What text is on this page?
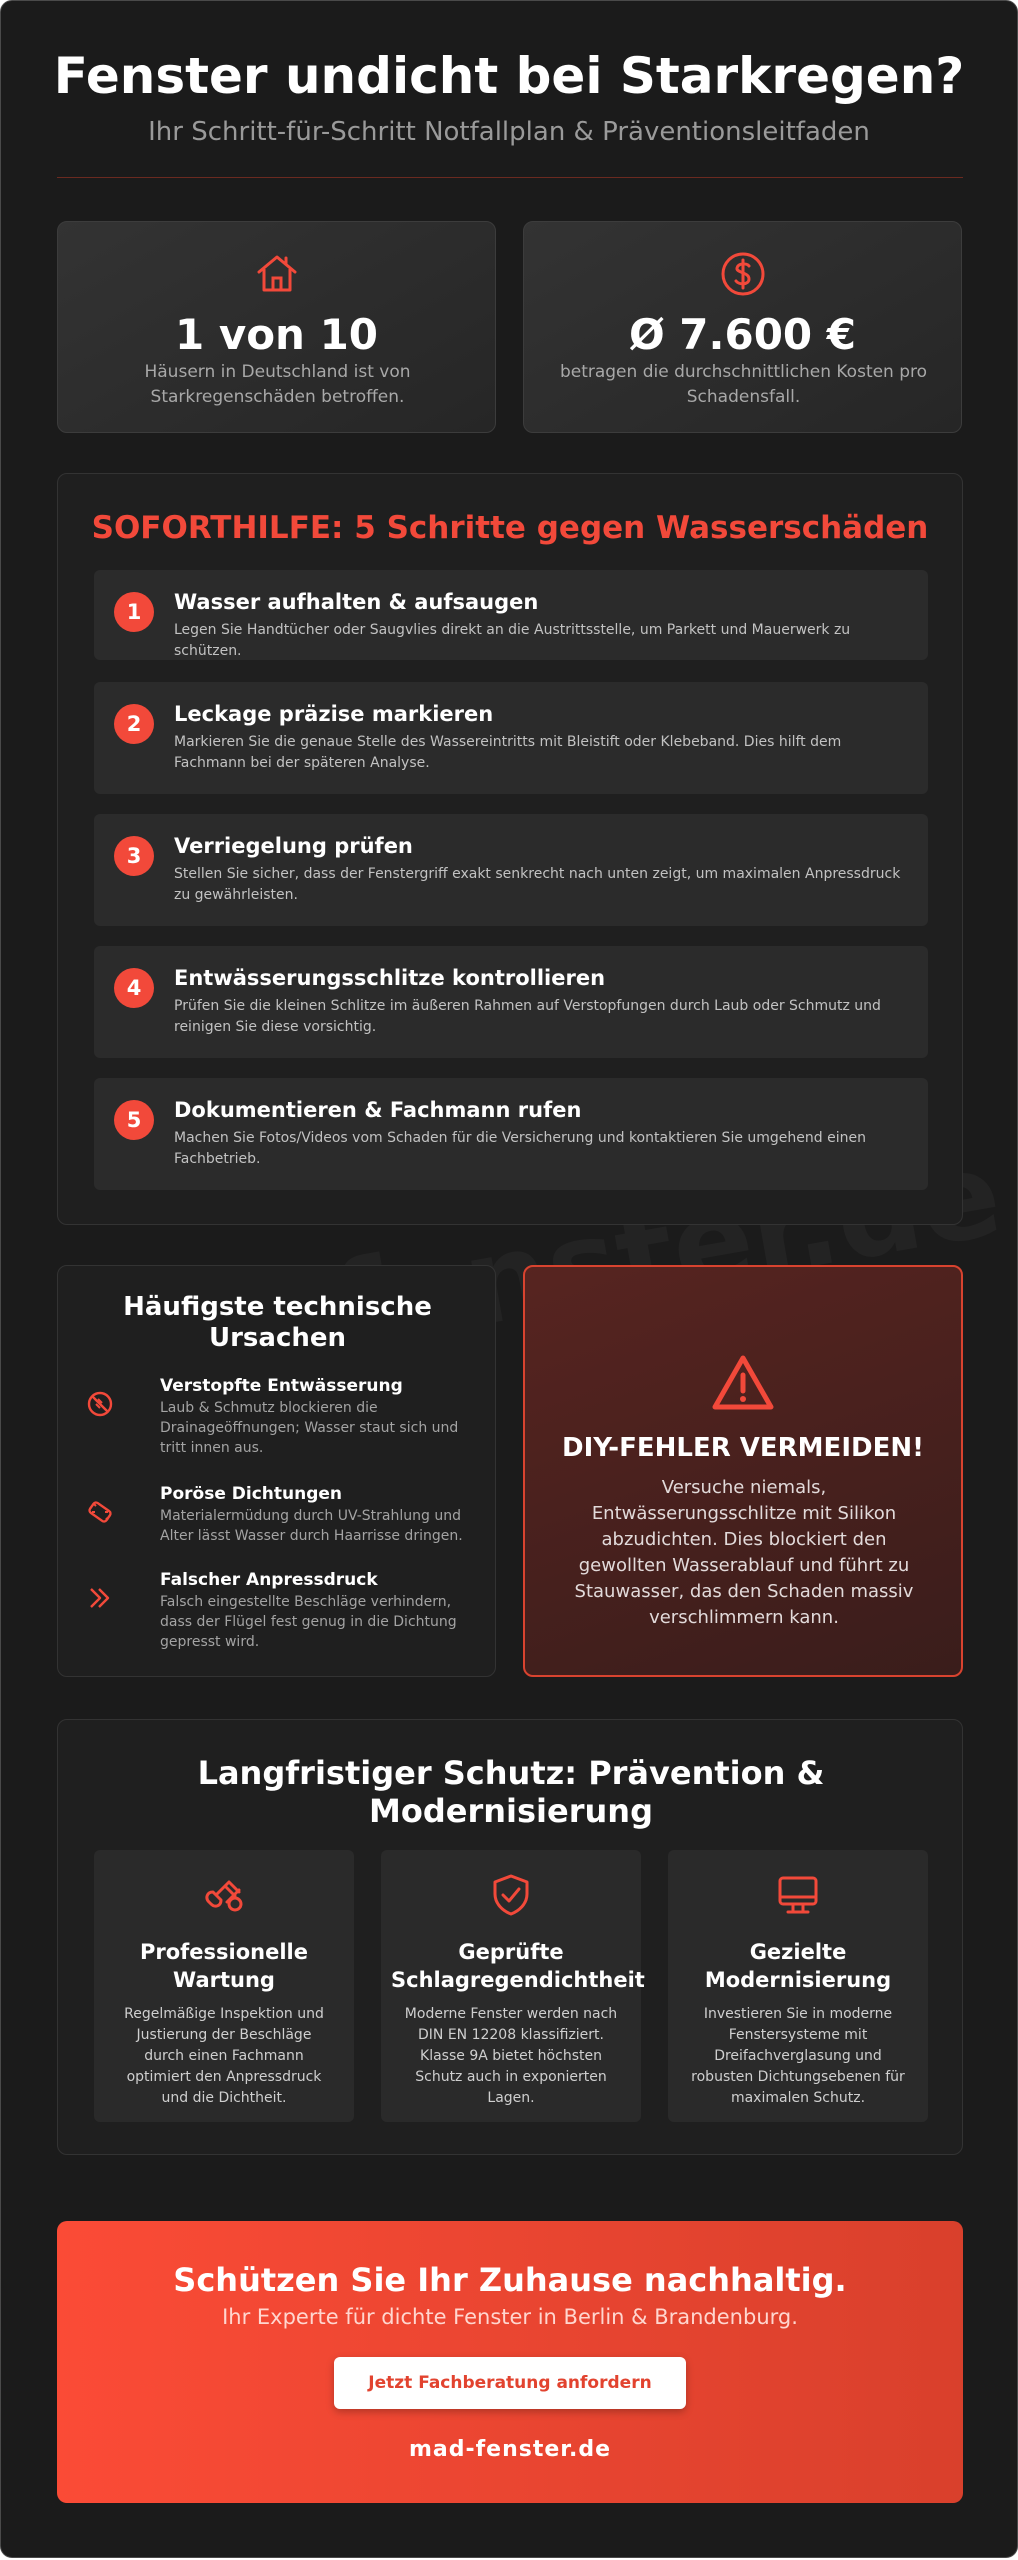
Fenster undicht bei Starkregen?
Ihr Schritt-für-Schritt Notfallplan & Präventionsleitfaden
1 von 10
Häusern in Deutschland ist von Starkregenschäden betroffen.
Ø 7.600 €
betragen die durchschnittlichen Kosten pro Schadensfall.
SOFORTHILFE: 5 Schritte gegen Wasserschäden
1	Wasser aufhalten & aufsaugen
Legen Sie Handtücher oder Saugvlies direkt an die Austrittsstelle, um Parkett und Mauerwerk zu schützen.
2	Leckage präzise markieren
Markieren Sie die genaue Stelle des Wassereintritts mit Bleistift oder Klebeband. Dies hilft dem Fachmann bei der späteren Analyse.
3	Verriegelung prüfen
Stellen Sie sicher, dass der Fenstergriff exakt senkrecht nach unten zeigt, um maximalen Anpressdruck zu gewährleisten.
4	Entwässerungsschlitze kontrollieren
Prüfen Sie die kleinen Schlitze im äußeren Rahmen auf Verstopfungen durch Laub oder Schmutz und reinigen Sie diese vorsichtig.
5	Dokumentieren & Fachmann rufen
Machen Sie Fotos/Videos vom Schaden für die Versicherung und kontaktieren Sie umgehend einen Fachbetrieb.
Häufigste technische Ursachen
Verstopfte Entwässerung
Laub & Schmutz blockieren die Drainageöffnungen; Wasser staut sich und tritt innen aus.
Poröse Dichtungen
Materialermüdung durch UV-Strahlung und Alter lässt Wasser durch Haarrisse dringen.
Falscher Anpressdruck
Falsch eingestellte Beschläge verhindern, dass der Flügel fest genug in die Dichtung gepresst wird.
DIY-FEHLER VERMEIDEN!
Versuche niemals, Entwässerungsschlitze mit Silikon abzudichten. Dies blockiert den gewollten Wasserablauf und führt zu Stauwasser, das den Schaden massiv verschlimmern kann.
Langfristiger Schutz: Prävention & Modernisierung
Professionelle Wartung
Regelmäßige Inspektion und Justierung der Beschläge durch einen Fachmann optimiert den Anpressdruck und die Dichtheit.
Geprüfte Schlagregendichtheit
Moderne Fenster werden nach DIN EN 12208 klassifiziert. Klasse 9A bietet höchsten Schutz auch in exponierten Lagen.
Gezielte Modernisierung
Investieren Sie in moderne Fenstersysteme mit Dreifachverglasung und robusten Dichtungsebenen für maximalen Schutz.
Schützen Sie Ihr Zuhause nachhaltig.
Ihr Experte für dichte Fenster in Berlin & Brandenburg.
Jetzt Fachberatung anfordern
mad-fenster.de
